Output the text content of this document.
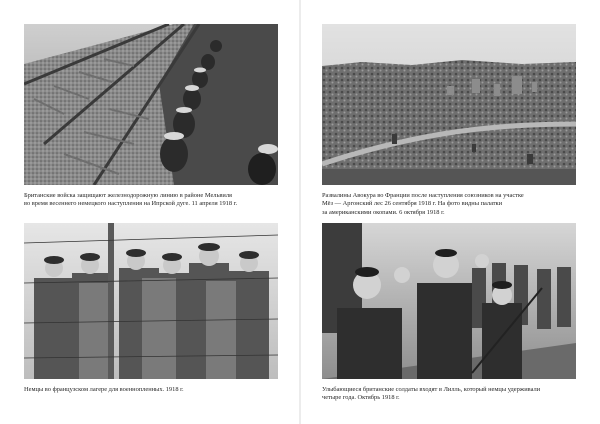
Британские войска защищают железнодорожную линию в районе Мельвиля
во время весеннего немецкого наступления на Ипрской дуге. 11 апреля 1918 г.

Развалины Авокура во Франции после наступления союзников на участке
Мёз — Аргонский лес 26 сентября 1918 г. На фото видны палатки
за американскими окопами. 6 октября 1918 г.

Немцы во французском лагере для военнопленных. 1918 г.	Улыбающиеся британские солдаты входят в Лилль, который немцы удерживали
четыре года. Октябрь 1918 г.
